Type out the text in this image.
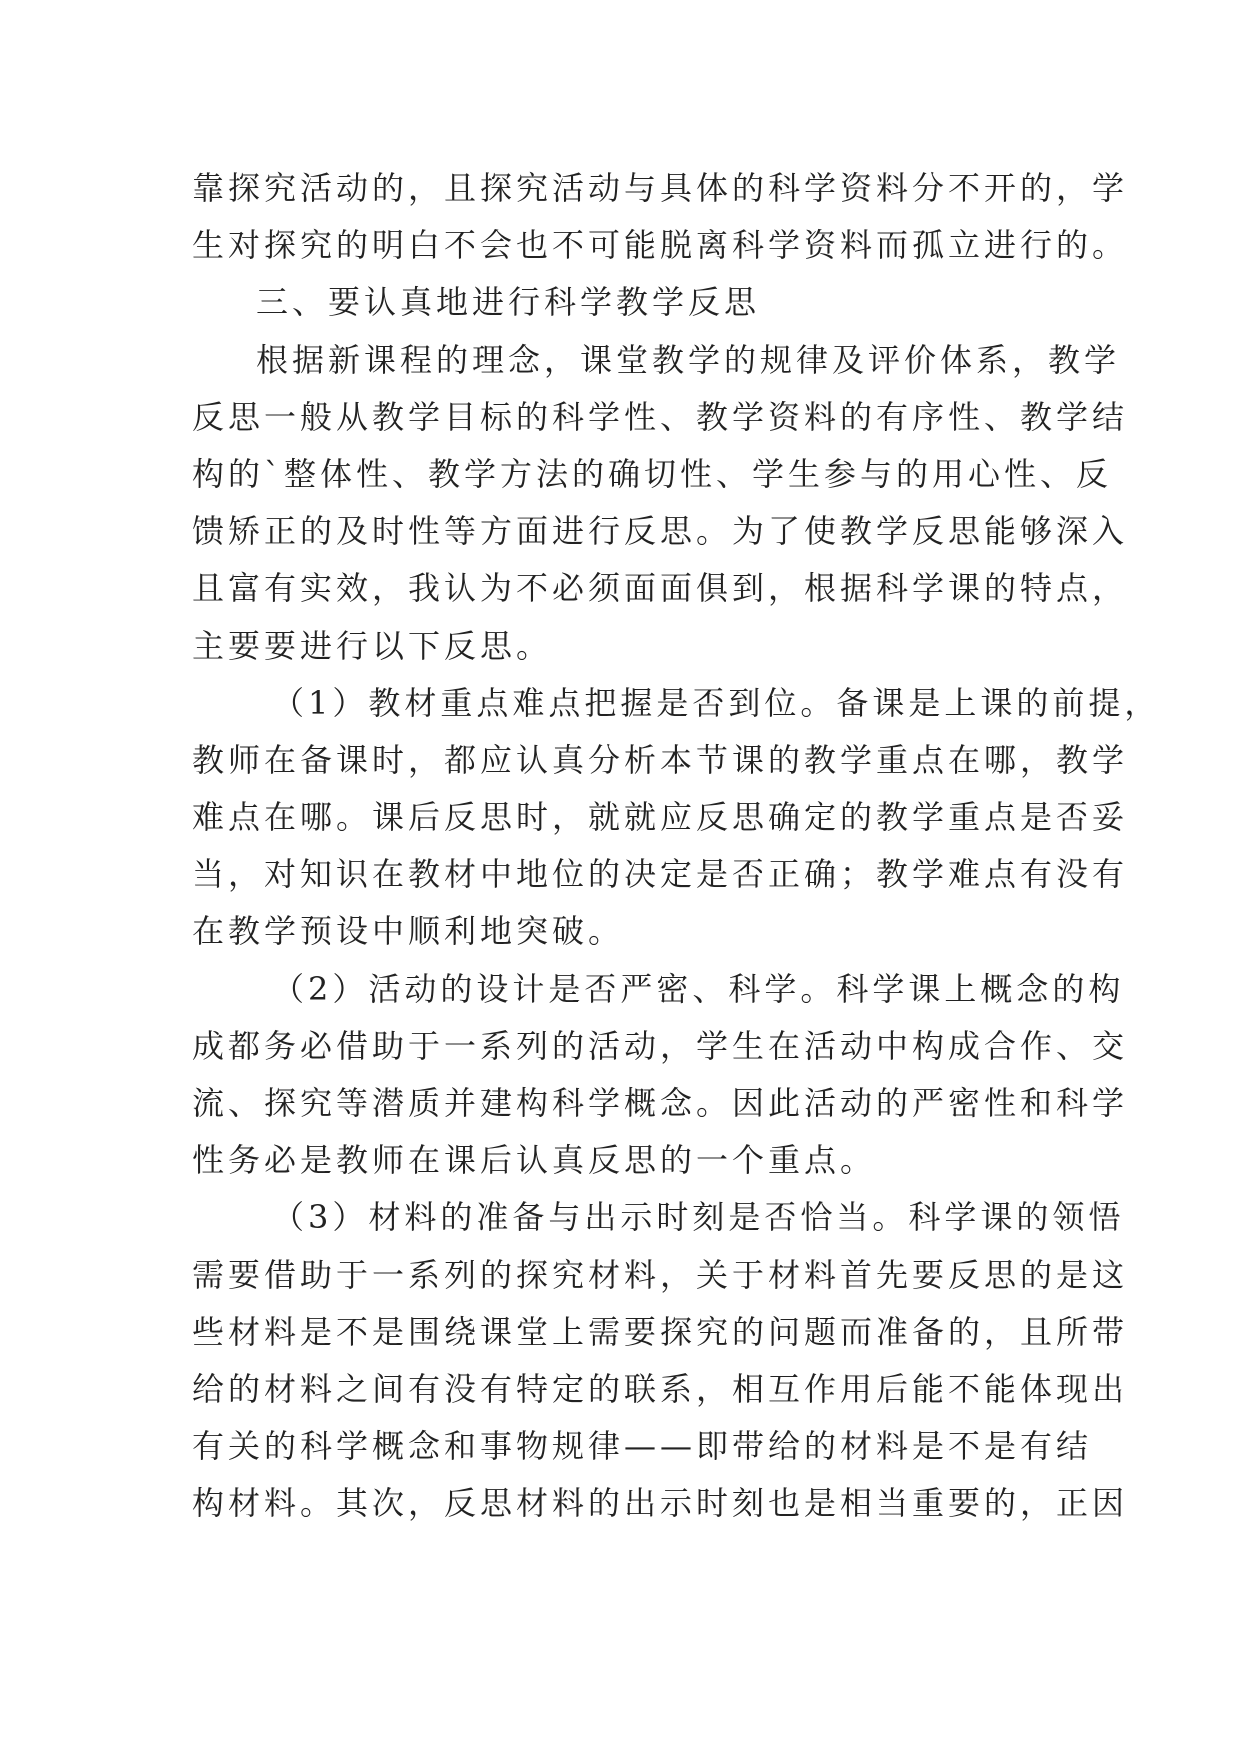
靠探究活动的，且探究活动与具体的科学资料分不开的，学
生对探究的明白不会也不可能脱离科学资料而孤立进行的。
三、要认真地进行科学教学反思
根据新课程的理念，课堂教学的规律及评价体系，教学
反思一般从教学目标的科学性、教学资料的有序性、教学结
构的`整体性、教学方法的确切性、学生参与的用心性、反
馈矫正的及时性等方面进行反思。为了使教学反思能够深入
且富有实效，我认为不必须面面俱到，根据科学课的特点，
主要要进行以下反思。
（1）教材重点难点把握是否到位。备课是上课的前提，
教师在备课时，都应认真分析本节课的教学重点在哪，教学
难点在哪。课后反思时，就就应反思确定的教学重点是否妥
当，对知识在教材中地位的决定是否正确；教学难点有没有
在教学预设中顺利地突破。
（2）活动的设计是否严密、科学。科学课上概念的构
成都务必借助于一系列的活动，学生在活动中构成合作、交
流、探究等潜质并建构科学概念。因此活动的严密性和科学
性务必是教师在课后认真反思的一个重点。
（3）材料的准备与出示时刻是否恰当。科学课的领悟
需要借助于一系列的探究材料，关于材料首先要反思的是这
些材料是不是围绕课堂上需要探究的问题而准备的，且所带
给的材料之间有没有特定的联系，相互作用后能不能体现出
有关的科学概念和事物规律——即带给的材料是不是有结
构材料。其次，反思材料的出示时刻也是相当重要的，正因
